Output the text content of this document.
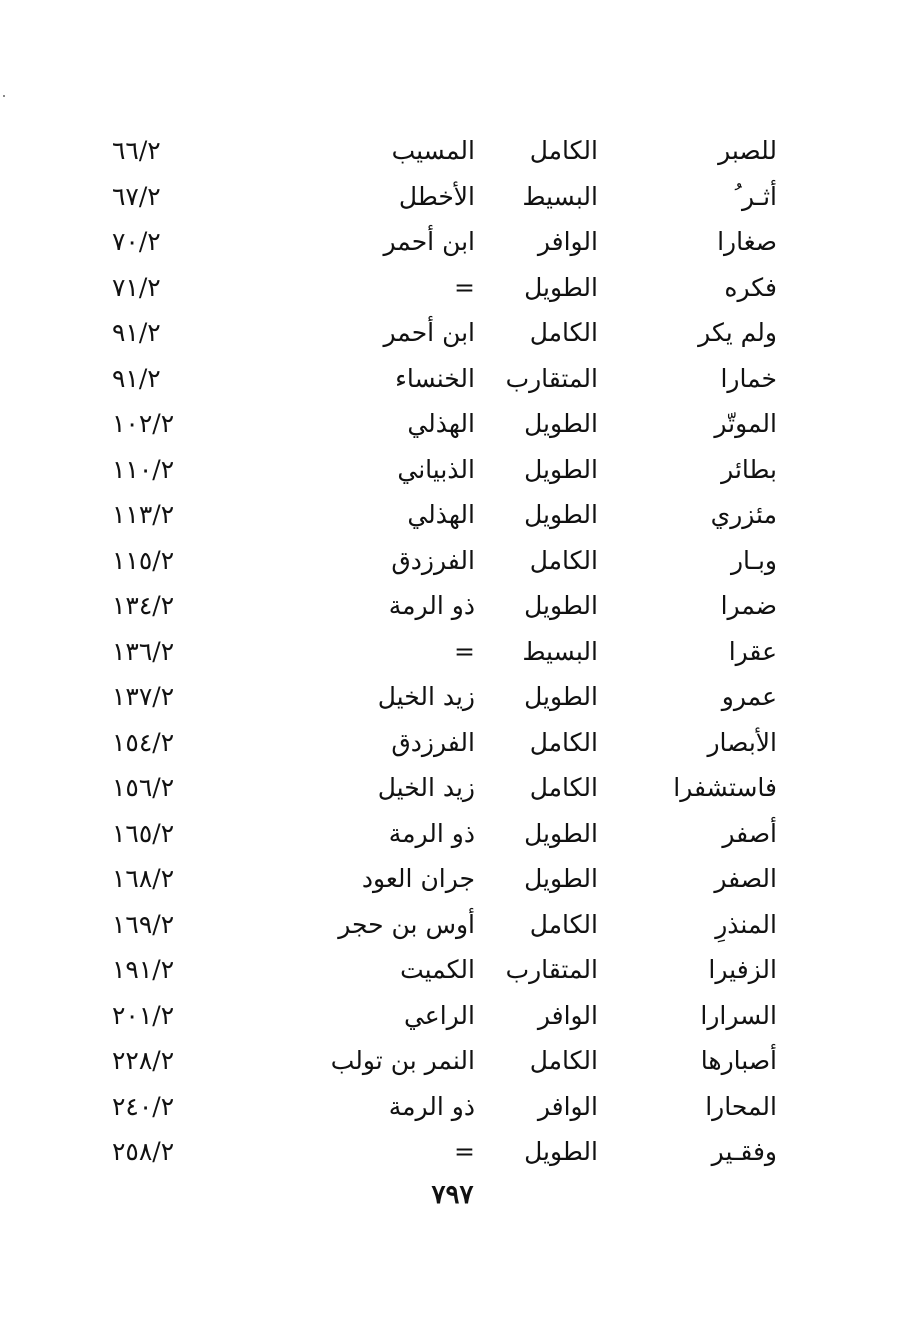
للصبر
الكامل
المسيب
٦٦/٢
أثـر ُ
البسيط
الأخطل
٦٧/٢
صغارا
الوافر
ابن أحمر
٧٠/٢
فكره
الطويل
=
٧١/٢
ولم يكر
الكامل
ابن أحمر
٩١/٢
خمارا
المتقارب
الخنساء
٩١/٢
الموتّر
الطويل
الهذلي
١٠٢/٢
بطائر
الطويل
الذبياني
١١٠/٢
مئزري
الطويل
الهذلي
١١٣/٢
وبـار
الكامل
الفرزدق
١١٥/٢
ضمرا
الطويل
ذو الرمة
١٣٤/٢
عقرا
البسيط
=
١٣٦/٢
عمرو
الطويل
زيد الخيل
١٣٧/٢
الأبصار
الكامل
الفرزدق
١٥٤/٢
فاستشفرا
الكامل
زيد الخيل
١٥٦/٢
أصفر
الطويل
ذو الرمة
١٦٥/٢
الصفر
الطويل
جران العود
١٦٨/٢
المنذرِ
الكامل
أوس بن حجر
١٦٩/٢
الزفيرا
المتقارب
الكميت
١٩١/٢
السرارا
الوافر
الراعي
٢٠١/٢
أصبارها
الكامل
النمر بن تولب
٢٢٨/٢
المحارا
الوافر
ذو الرمة
٢٤٠/٢
وفقـير
الطويل
=
٢٥٨/٢
٧٩٧
